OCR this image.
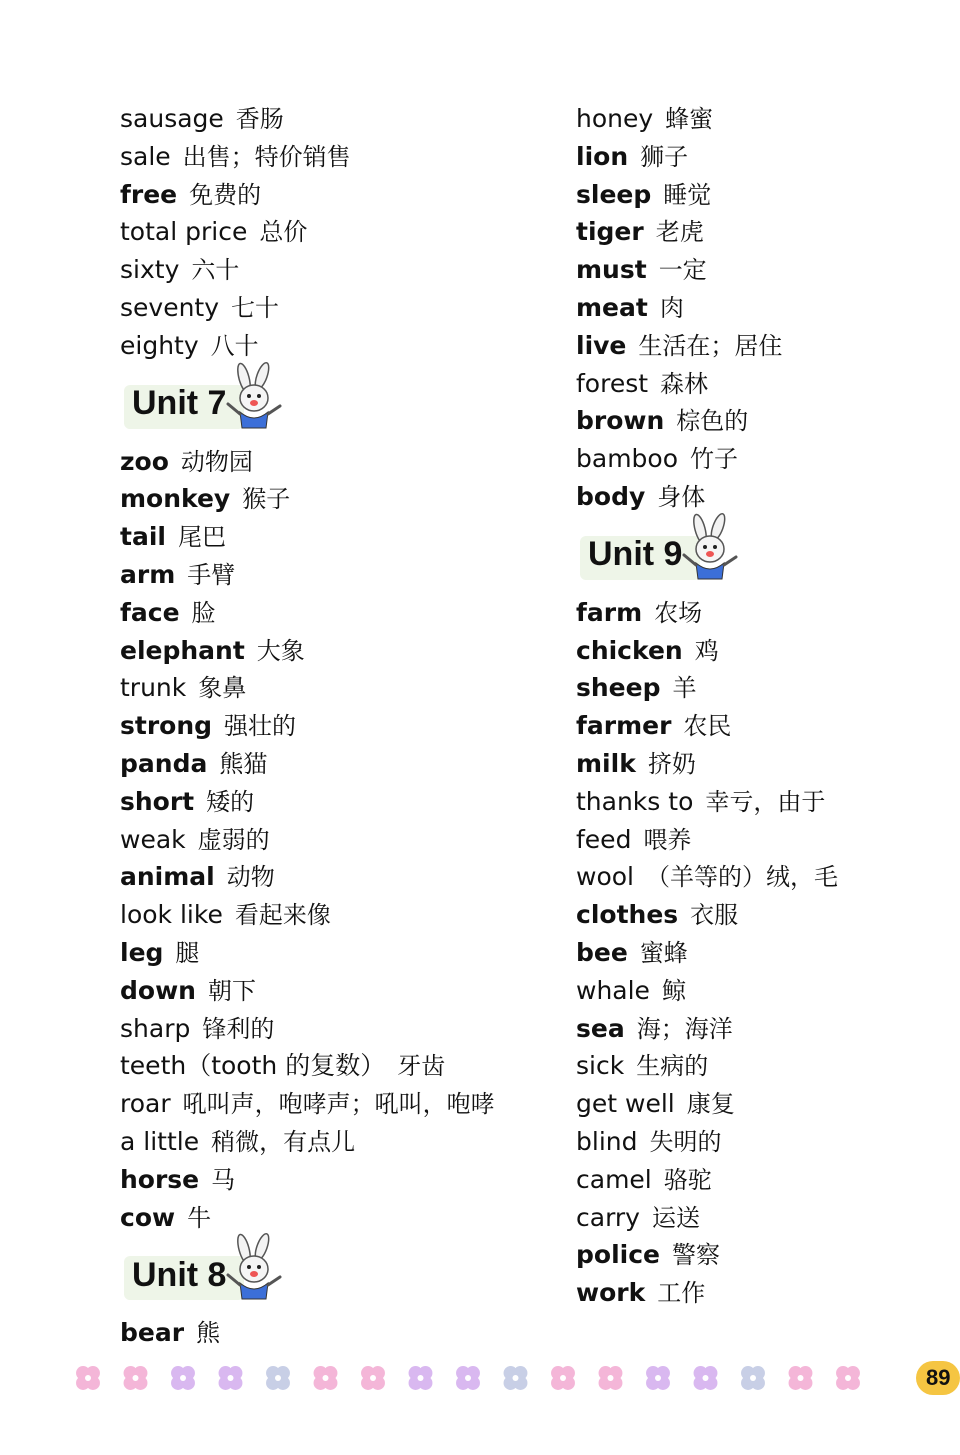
sausage 香肠
sale 出售；特价销售
free 免费的
total price 总价
sixty 六十
seventy 七十
eighty 八十
Unit 7
zoo 动物园
monkey 猴子
tail 尾巴
arm 手臂
face 脸
elephant 大象
trunk 象鼻
strong 强壮的
panda 熊猫
short 矮的
weak 虚弱的
animal 动物
look like 看起来像
leg 腿
down 朝下
sharp 锋利的
teeth（tooth 的复数） 牙齿
roar 吼叫声，咆哮声；吼叫，咆哮
a little 稍微，有点儿
horse 马
cow 牛
Unit 8
bear 熊
honey 蜂蜜
lion 狮子
sleep 睡觉
tiger 老虎
must 一定
meat 肉
live 生活在；居住
forest 森林
brown 棕色的
bamboo 竹子
body 身体
Unit 9
farm 农场
chicken 鸡
sheep 羊
farmer 农民
milk 挤奶
thanks to 幸亏，由于
feed 喂养
wool （羊等的）绒，毛
clothes 衣服
bee 蜜蜂
whale 鲸
sea 海；海洋
sick 生病的
get well 康复
blind 失明的
camel 骆驼
carry 运送
police 警察
work 工作
89
